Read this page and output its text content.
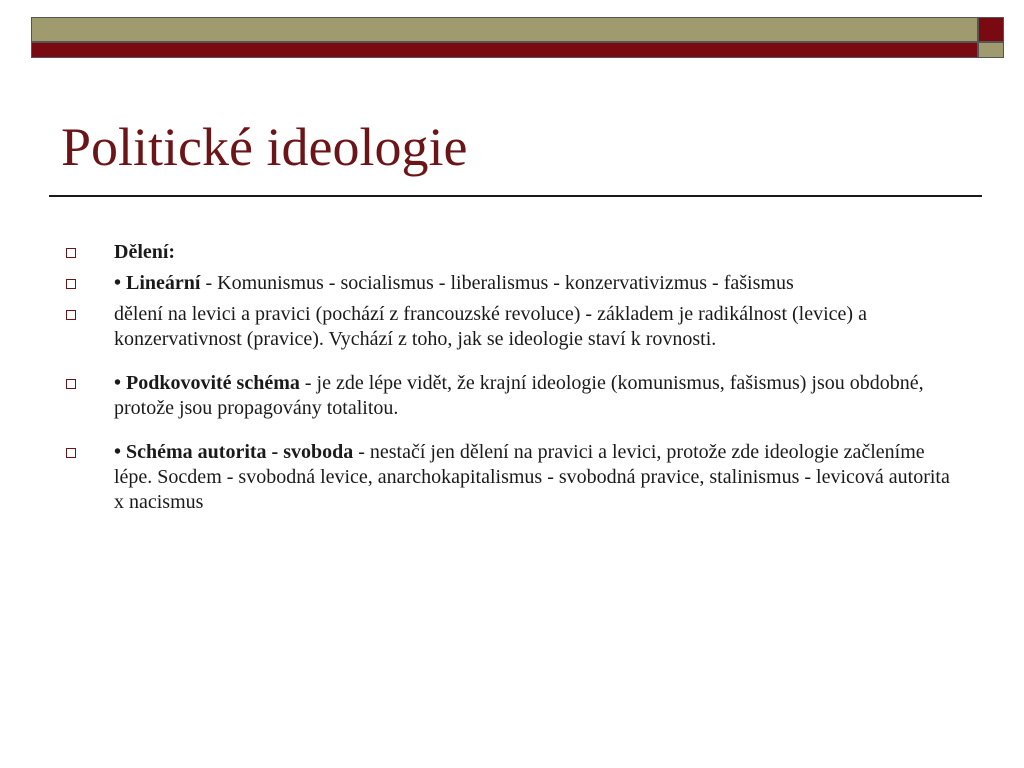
Politické ideologie
Dělení:
• Lineární - Komunismus - socialismus - liberalismus - konzervativizmus - fašismus
dělení na levici a pravici (pochází z francouzské revoluce) - základem je radikálnost (levice) a konzervativnost (pravice). Vychází z toho, jak se ideologie staví k rovnosti.
• Podkovovité schéma - je zde lépe vidět, že krajní ideologie (komunismus, fašismus) jsou obdobné, protože jsou propagovány totalitou.
• Schéma autorita - svoboda - nestačí jen dělení na pravici a levici, protože zde ideologie začleníme lépe. Socdem - svobodná levice, anarchokapitalismus - svobodná pravice, stalinismus - levicová autorita x nacismus
